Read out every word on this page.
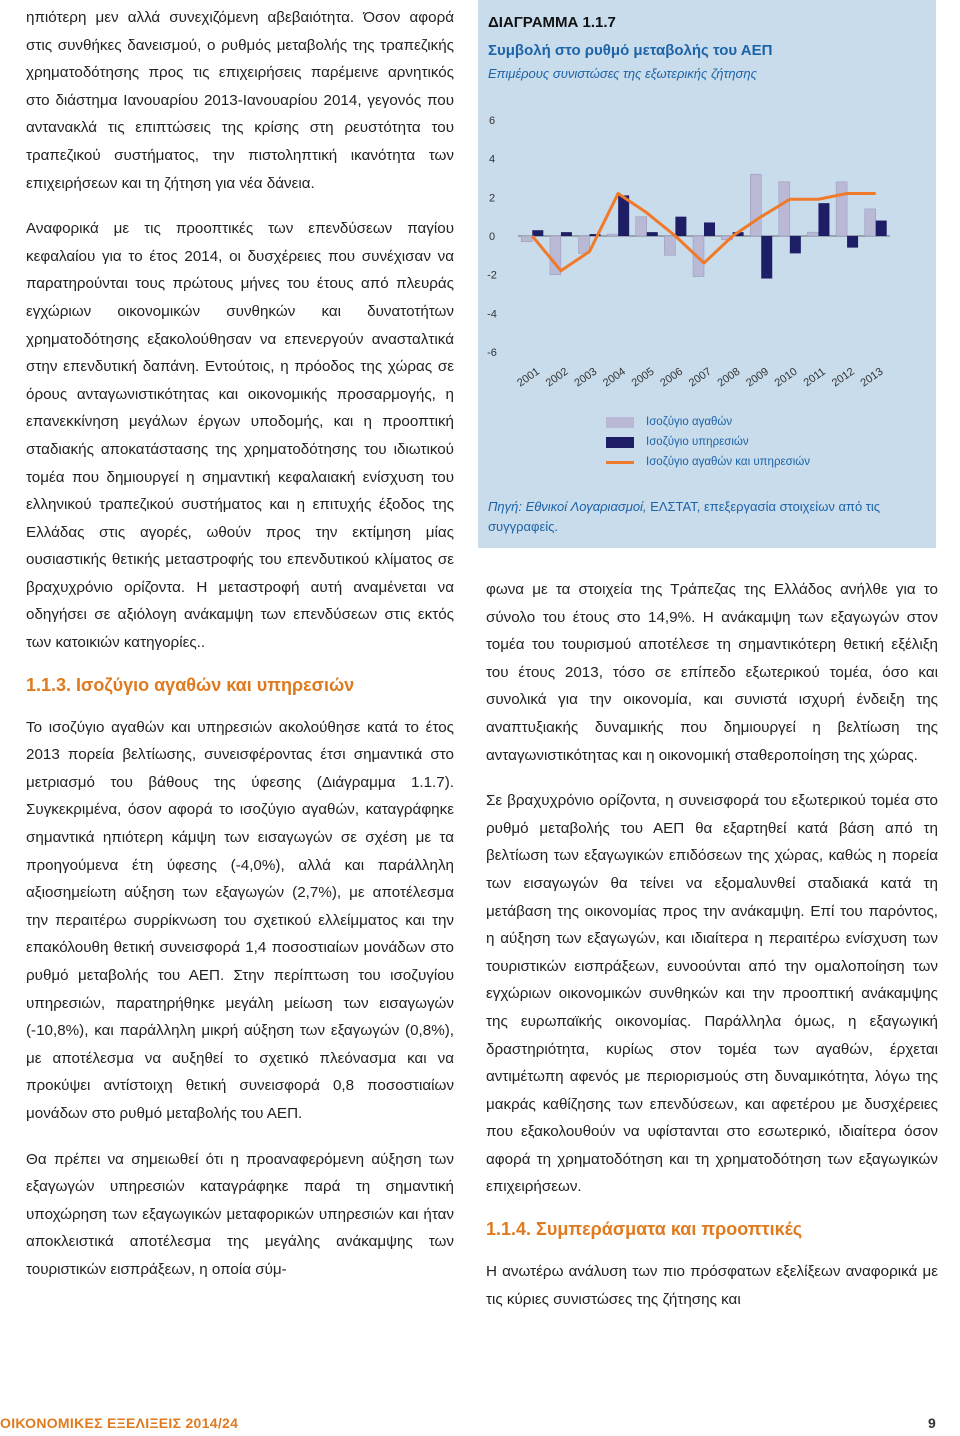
ηπιότερη μεν αλλά συνεχιζόμενη αβεβαιότητα. Όσον αφορά στις συνθήκες δανεισμού, ο ρυθμός μεταβολής της τραπεζικής χρηματοδότησης προς τις επιχειρήσεις παρέμεινε αρνητικός στο διάστημα Ιανουαρίου 2013-Ιανουαρίου 2014, γεγονός που αντανακλά τις επιπτώσεις της κρίσης στη ρευστότητα του τραπεζικού συστήματος, την πιστοληπτική ικανότητα των επιχειρήσεων και τη ζήτηση για νέα δάνεια.

Αναφορικά με τις προοπτικές των επενδύσεων παγίου κεφαλαίου για το έτος 2014, οι δυσχέρειες που συνέχισαν να παρατηρούνται τους πρώτους μήνες του έτους από πλευράς εγχώριων οικονομικών συνθηκών και δυνατοτήτων χρηματοδότησης εξακολούθησαν να επενεργούν ανασταλτικά στην επενδυτική δαπάνη. Εντούτοις, η πρόοδος της χώρας σε όρους ανταγωνιστικότητας και οικονομικής προσαρμογής, η επανεκκίνηση μεγάλων έργων υποδομής, και η προοπτική σταδιακής αποκατάστασης της χρηματοδότησης του ιδιωτικού τομέα που δημιουργεί η σημαντική κεφαλαιακή ενίσχυση του ελληνικού τραπεζικού συστήματος και η επιτυχής έξοδος της Ελλάδας στις αγορές, ωθούν προς την εκτίμηση μίας ουσιαστικής θετικής μεταστροφής του επενδυτικού κλίματος σε βραχυχρόνιο ορίζοντα. Η μεταστροφή αυτή αναμένεται να οδηγήσει σε αξιόλογη ανάκαμψη των επενδύσεων στις εκτός των κατοικιών κατηγορίες..

1.1.3. Ισοζύγιο αγαθών και υπηρεσιών

Το ισοζύγιο αγαθών και υπηρεσιών ακολούθησε κατά το έτος 2013 πορεία βελτίωσης, συνεισφέροντας έτσι σημαντικά στο μετριασμό του βάθους της ύφεσης (Διάγραμμα 1.1.7). Συγκεκριμένα, όσον αφορά το ισοζύγιο αγαθών, καταγράφηκε σημαντικά ηπιότερη κάμψη των εισαγωγών σε σχέση με τα προηγούμενα έτη ύφεσης (-4,0%), αλλά και παράλληλη αξιοσημείωτη αύξηση των εξαγωγών (2,7%), με αποτέλεσμα την περαιτέρω συρρίκνωση του σχετικού ελλείμματος και την επακόλουθη θετική συνεισφορά 1,4 ποσοστιαίων μονάδων στο ρυθμό μεταβολής του ΑΕΠ. Στην περίπτωση του ισοζυγίου υπηρεσιών, παρατηρήθηκε μεγάλη μείωση των εισαγωγών (-10,8%), και παράλληλη μικρή αύξηση των εξαγωγών (0,8%), με αποτέλεσμα να αυξηθεί το σχετικό πλεόνασμα και να προκύψει αντίστοιχη θετική συνεισφορά 0,8 ποσοστιαίων μονάδων στο ρυθμό μεταβολής του ΑΕΠ.

Θα πρέπει να σημειωθεί ότι η προαναφερόμενη αύξηση των εξαγωγών υπηρεσιών καταγράφηκε παρά τη σημαντική υποχώρηση των εξαγωγικών μεταφορικών υπηρεσιών και ήταν αποκλειστικά αποτέλεσμα της μεγάλης ανάκαμψης των τουριστικών εισπράξεων, η οποία σύμ-

ΔΙΑΓΡΑΜΜΑ 1.1.7
Συμβολή στο ρυθμό μεταβολής του ΑΕΠ
Επιμέρους συνιστώσες της εξωτερικής ζήτησης
6
4
2
0
-2
-4
-6
2001 2002 2003 2004 2005 2006 2007 2008 2009 2010 2011 2012 2013
Ισοζύγιο αγαθών
Ισοζύγιο υπηρεσιών
Ισοζύγιο αγαθών και υπηρεσιών
Πηγή: Εθνικοί Λογαριασμοί, ΕΛΣΤΑΤ, επεξεργασία στοιχείων από τις συγγραφείς.

φωνα με τα στοιχεία της Τράπεζας της Ελλάδος ανήλθε για το σύνολο του έτους στο 14,9%. Η ανάκαμψη των εξαγωγών στον τομέα του τουρισμού αποτέλεσε τη σημαντικότερη θετική εξέλιξη του έτους 2013, τόσο σε επίπεδο εξωτερικού τομέα, όσο και συνολικά για την οικονομία, και συνιστά ισχυρή ένδειξη της αναπτυξιακής δυναμικής που δημιουργεί η βελτίωση της ανταγωνιστικότητας και η οικονομική σταθεροποίηση της χώρας.

Σε βραχυχρόνιο ορίζοντα, η συνεισφορά του εξωτερικού τομέα στο ρυθμό μεταβολής του ΑΕΠ θα εξαρτηθεί κατά βάση από τη βελτίωση των εξαγωγικών επιδόσεων της χώρας, καθώς η πορεία των εισαγωγών θα τείνει να εξομαλυνθεί σταδιακά κατά τη μετάβαση της οικονομίας προς την ανάκαμψη. Επί του παρόντος, η αύξηση των εξαγωγών, και ιδιαίτερα η περαιτέρω ενίσχυση των τουριστικών εισπράξεων, ευνοούνται από την ομαλοποίηση των εγχώριων οικονομικών συνθηκών και την προοπτική ανάκαμψης της ευρωπαϊκής οικονομίας. Παράλληλα όμως, η εξαγωγική δραστηριότητα, κυρίως στον τομέα των αγαθών, έρχεται αντιμέτωπη αφενός με περιορισμούς στη δυναμικότητα, λόγω της μακράς καθίζησης των επενδύσεων, και αφετέρου με δυσχέρειες που εξακολουθούν να υφίστανται στο εσωτερικό, ιδιαίτερα όσον αφορά τη χρηματοδότηση και τη χρηματοδότηση των εξαγωγικών επιχειρήσεων.

1.1.4. Συμπεράσματα και προοπτικές

Η ανωτέρω ανάλυση των πιο πρόσφατων εξελίξεων αναφορικά με τις κύριες συνιστώσες της ζήτησης και

ΟΙΚΟΝΟΜΙΚΕΣ ΕΞΕΛΙΞΕΙΣ 2014/24	9
